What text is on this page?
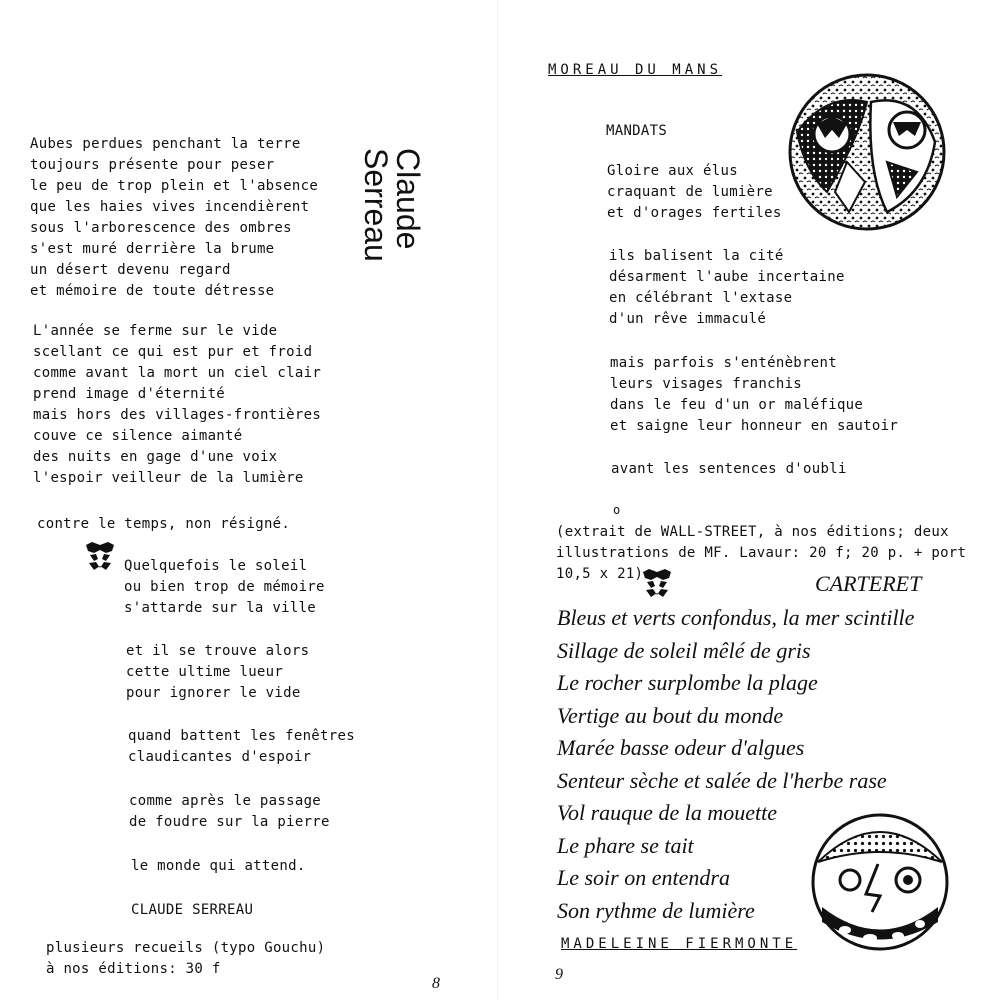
Claude
Serreau
Aubes perdues penchant la terre
toujours présente pour peser
le peu de trop plein et l'absence
que les haies vives incendièrent
sous l'arborescence des ombres
s'est muré derrière la brume
un désert devenu regard
et mémoire de toute détresse
L'année se ferme sur le vide
scellant ce qui est pur et froid
comme avant la mort un ciel clair
prend image d'éternité
mais hors des villages-frontières
couve ce silence aimanté
des nuits en gage d'une voix
l'espoir veilleur de la lumière
contre le temps, non résigné.
Quelquefois le soleil
ou bien trop de mémoire
s'attarde sur la ville
et il se trouve alors
cette ultime lueur
pour ignorer le vide
quand battent les fenêtres
claudicantes d'espoir
comme après le passage
de foudre sur la pierre
le monde qui attend.
CLAUDE SERREAU
plusieurs recueils (typo Gouchu)
à nos éditions: 30 f
8
MOREAU DU MANS
MANDATS
Gloire aux élus
craquant de lumière
et d'orages fertiles
ils balisent la cité
désarment l'aube incertaine
en célébrant l'extase
d'un rêve immaculé
mais parfois s'enténèbrent
leurs visages franchis
dans le feu d'un or maléfique
et saigne leur honneur en sautoir
avant les sentences d'oubli
o
(extrait de WALL-STREET, à nos éditions; deux
illustrations de MF. Lavaur: 20 f; 20 p. + port
10,5 x 21)	CARTERET
Bleus et verts confondus, la mer scintille
Sillage de soleil mêlé de gris
Le rocher surplombe la plage
Vertige au bout du monde
Marée basse odeur d'algues
Senteur sèche et salée de l'herbe rase
Vol rauque de la mouette
Le phare se tait
Le soir on entendra
Son rythme de lumière
MADELEINE FIERMONTE
9
